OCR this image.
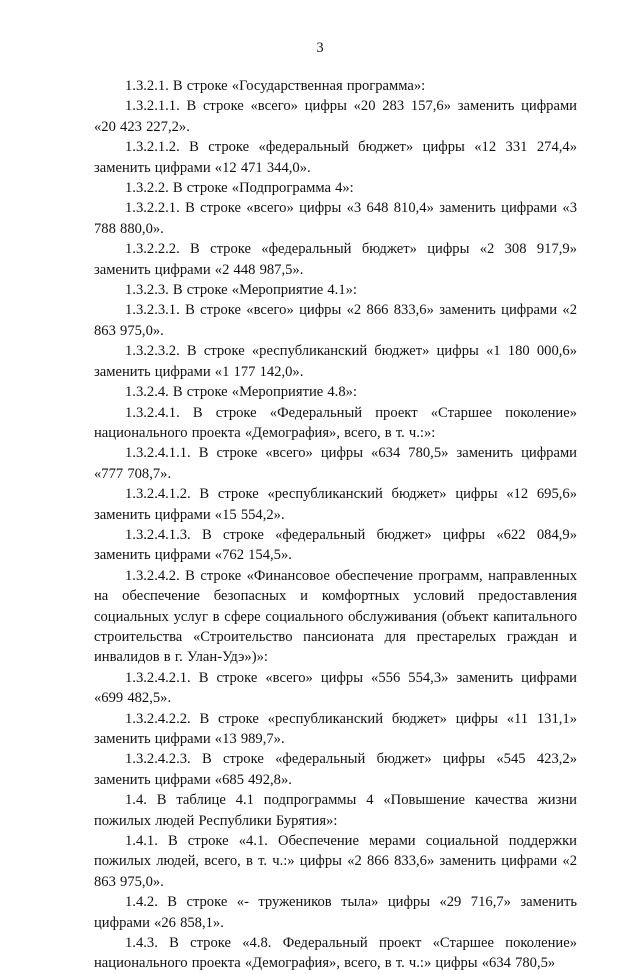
3

1.3.2.1. В строке «Государственная программа»:

1.3.2.1.1. В строке «всего» цифры «20 283 157,6» заменить цифрами «20 423 227,2».

1.3.2.1.2. В строке «федеральный бюджет» цифры «12 331 274,4» заменить цифрами «12 471 344,0».

1.3.2.2. В строке «Подпрограмма 4»:

1.3.2.2.1. В строке «всего» цифры «3 648 810,4» заменить цифрами «3 788 880,0».

1.3.2.2.2. В строке «федеральный бюджет» цифры «2 308 917,9» заменить цифрами «2 448 987,5».

1.3.2.3. В строке «Мероприятие 4.1»:

1.3.2.3.1. В строке «всего» цифры «2 866 833,6» заменить цифрами «2 863 975,0».

1.3.2.3.2. В строке «республиканский бюджет» цифры «1 180 000,6» заменить цифрами «1 177 142,0».

1.3.2.4. В строке «Мероприятие 4.8»:

1.3.2.4.1. В строке «Федеральный проект «Старшее поколение» национального проекта «Демография», всего, в т. ч.:»:

1.3.2.4.1.1. В строке «всего» цифры «634 780,5» заменить цифрами «777 708,7».

1.3.2.4.1.2. В строке «республиканский бюджет» цифры «12 695,6» заменить цифрами «15 554,2».

1.3.2.4.1.3. В строке «федеральный бюджет» цифры «622 084,9» заменить цифрами «762 154,5».

1.3.2.4.2. В строке «Финансовое обеспечение программ, направленных на обеспечение безопасных и комфортных условий предоставления социальных услуг в сфере социального обслуживания (объект капитального строительства «Строительство пансионата для престарелых граждан и инвалидов в г. Улан-Удэ»)»:

1.3.2.4.2.1. В строке «всего» цифры «556 554,3» заменить цифрами «699 482,5».

1.3.2.4.2.2. В строке «республиканский бюджет» цифры «11 131,1» заменить цифрами «13 989,7».

1.3.2.4.2.3. В строке «федеральный бюджет» цифры «545 423,2» заменить цифрами «685 492,8».

1.4. В таблице 4.1 подпрограммы 4 «Повышение качества жизни пожилых людей Республики Бурятия»:

1.4.1. В строке «4.1. Обеспечение мерами социальной поддержки пожилых людей, всего, в т. ч.:» цифры «2 866 833,6» заменить цифрами «2 863 975,0».

1.4.2. В строке «- тружеников тыла» цифры «29 716,7» заменить цифрами «26 858,1».

1.4.3. В строке «4.8. Федеральный проект «Старшее поколение» национального проекта «Демография», всего, в т. ч.:» цифры «634 780,5»
